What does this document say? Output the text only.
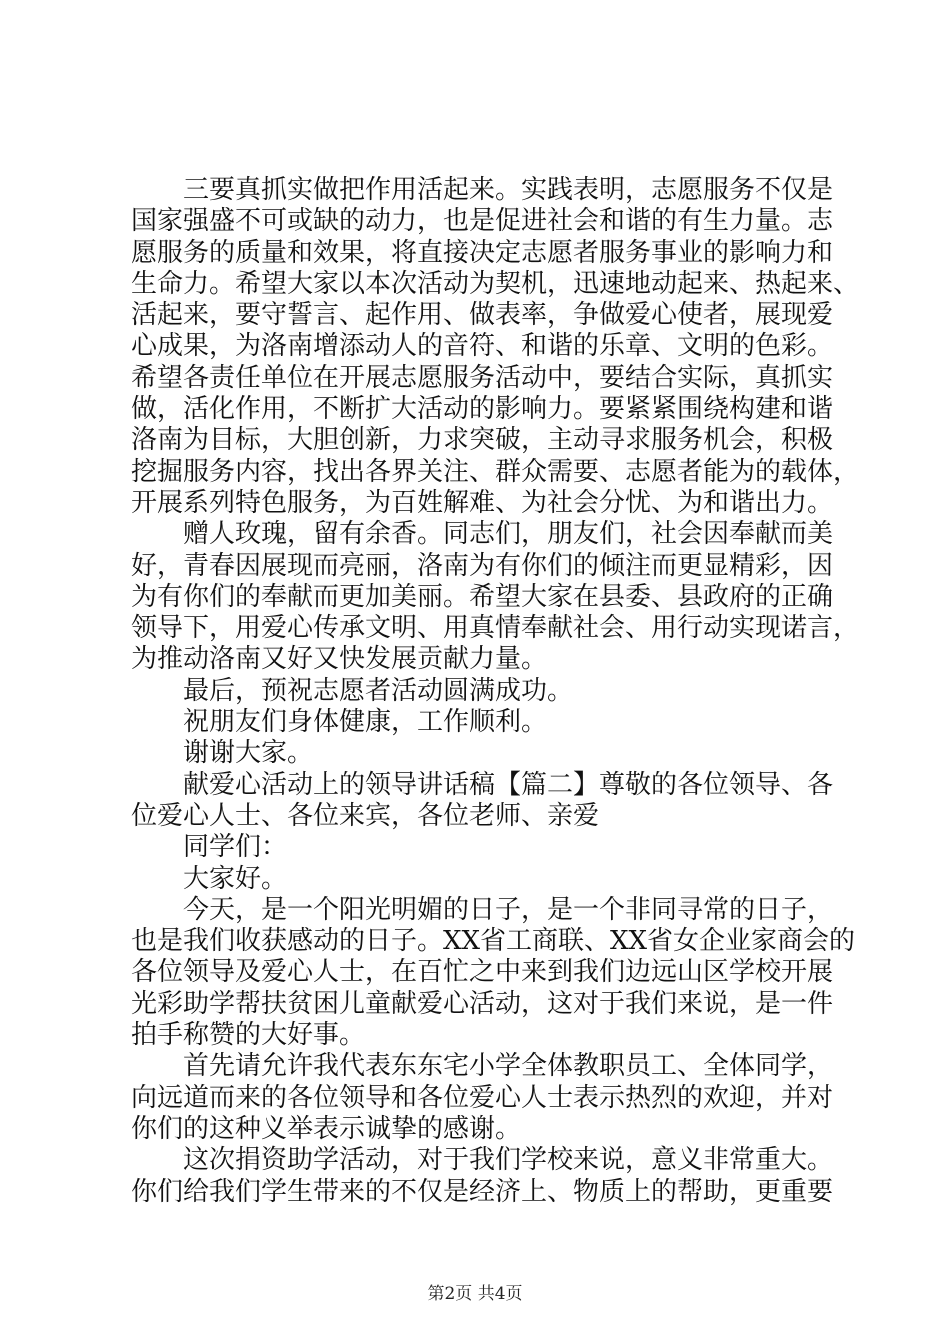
三要真抓实做把作用活起来。实践表明，志愿服务不仅是
国家强盛不可或缺的动力，也是促进社会和谐的有生力量。志
愿服务的质量和效果，将直接决定志愿者服务事业的影响力和
生命力。希望大家以本次活动为契机，迅速地动起来、热起来、
活起来，要守誓言、起作用、做表率，争做爱心使者，展现爱
心成果，为洛南增添动人的音符、和谐的乐章、文明的色彩。
希望各责任单位在开展志愿服务活动中，要结合实际，真抓实
做，活化作用，不断扩大活动的影响力。要紧紧围绕构建和谐
洛南为目标，大胆创新，力求突破，主动寻求服务机会，积极
挖掘服务内容，找出各界关注、群众需要、志愿者能为的载体，
开展系列特色服务，为百姓解难、为社会分忧、为和谐出力。
赠人玫瑰，留有余香。同志们，朋友们，社会因奉献而美
好，青春因展现而亮丽，洛南为有你们的倾注而更显精彩，因
为有你们的奉献而更加美丽。希望大家在县委、县政府的正确
领导下，用爱心传承文明、用真情奉献社会、用行动实现诺言，
为推动洛南又好又快发展贡献力量。
最后，预祝志愿者活动圆满成功。
祝朋友们身体健康，工作顺利。
谢谢大家。
献爱心活动上的领导讲话稿【篇二】尊敬的各位领导、各
位爱心人士、各位来宾，各位老师、亲爱
同学们：
大家好。
今天，是一个阳光明媚的日子，是一个非同寻常的日子，
也是我们收获感动的日子。XX省工商联、XX省女企业家商会的
各位领导及爱心人士，在百忙之中来到我们边远山区学校开展
光彩助学帮扶贫困儿童献爱心活动，这对于我们来说，是一件
拍手称赞的大好事。
首先请允许我代表东东宅小学全体教职员工、全体同学，
向远道而来的各位领导和各位爱心人士表示热烈的欢迎，并对
你们的这种义举表示诚挚的感谢。
这次捐资助学活动，对于我们学校来说，意义非常重大。
你们给我们学生带来的不仅是经济上、物质上的帮助，更重要
第2页 共4页
